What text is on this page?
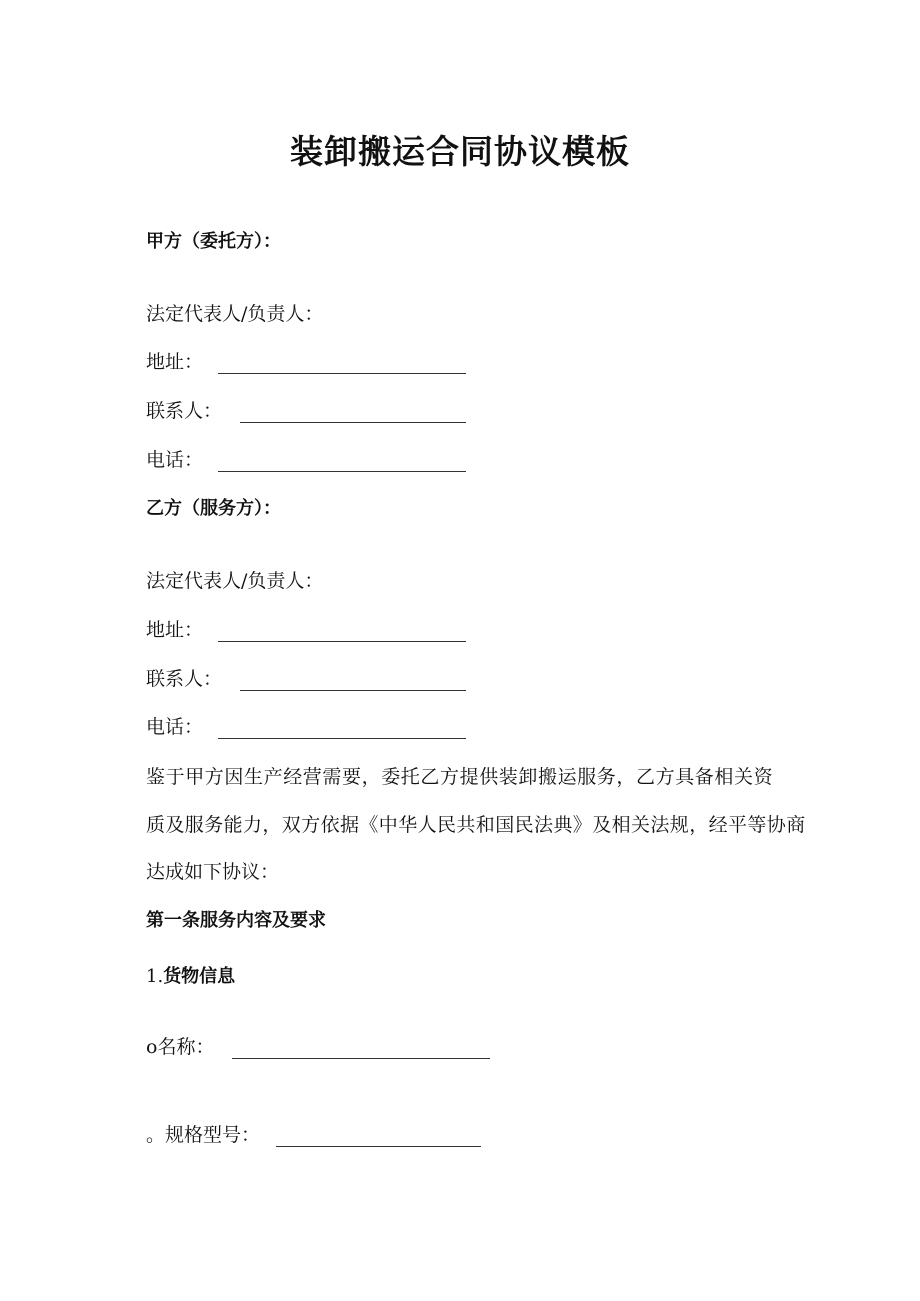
装卸搬运合同协议模板
甲方（委托方）：
法定代表人/负责人：
地址：
联系人：
电话：
乙方（服务方）：
法定代表人/负责人：
地址：
联系人：
电话：
鉴于甲方因生产经营需要，委托乙方提供装卸搬运服务，乙方具备相关资
质及服务能力，双方依据《中华人民共和国民法典》及相关法规，经平等协商
达成如下协议：
第一条服务内容及要求
1. 货物信息
o 名称：
。 规格型号：
